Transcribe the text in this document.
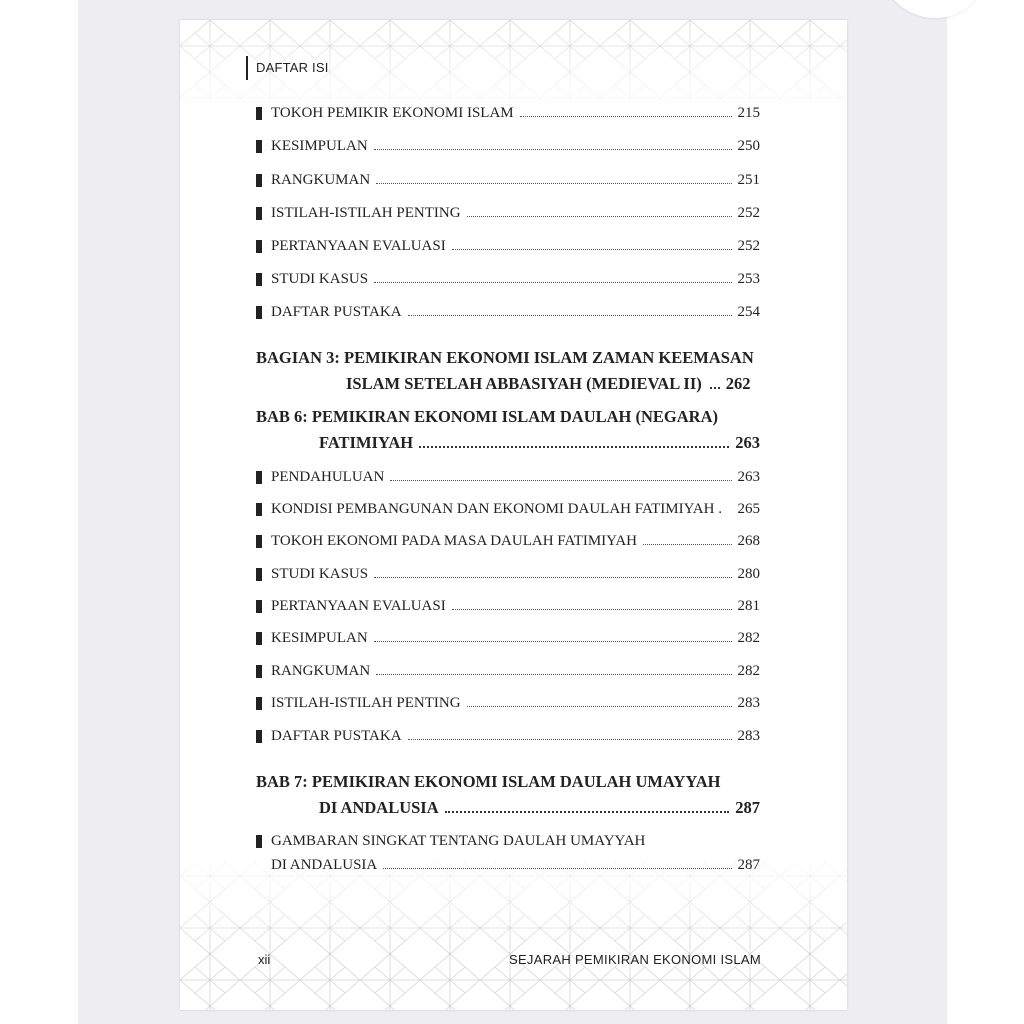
DAFTAR ISI
TOKOH PEMIKIR EKONOMI ISLAM	215
KESIMPULAN	250
RANGKUMAN	251
ISTILAH-ISTILAH PENTING	252
PERTANYAAN EVALUASI	252
STUDI KASUS	253
DAFTAR PUSTAKA	254
BAGIAN 3: PEMIKIRAN EKONOMI ISLAM ZAMAN KEEMASAN
ISLAM SETELAH ABBASIYAH (MEDIEVAL II) 262
BAB 6: PEMIKIRAN EKONOMI ISLAM DAULAH (NEGARA)
FATIMIYAH	263
PENDAHULUAN	263
KONDISI PEMBANGUNAN DAN EKONOMI DAULAH FATIMIYAH . 265
TOKOH EKONOMI PADA MASA DAULAH FATIMIYAH	268
STUDI KASUS	280
PERTANYAAN EVALUASI	281
KESIMPULAN	282
RANGKUMAN	282
ISTILAH-ISTILAH PENTING	283
DAFTAR PUSTAKA	283
BAB 7: PEMIKIRAN EKONOMI ISLAM DAULAH UMAYYAH
DI ANDALUSIA	287
GAMBARAN SINGKAT TENTANG DAULAH UMAYYAH
DI ANDALUSIA	287
xii	SEJARAH PEMIKIRAN EKONOMI ISLAM
